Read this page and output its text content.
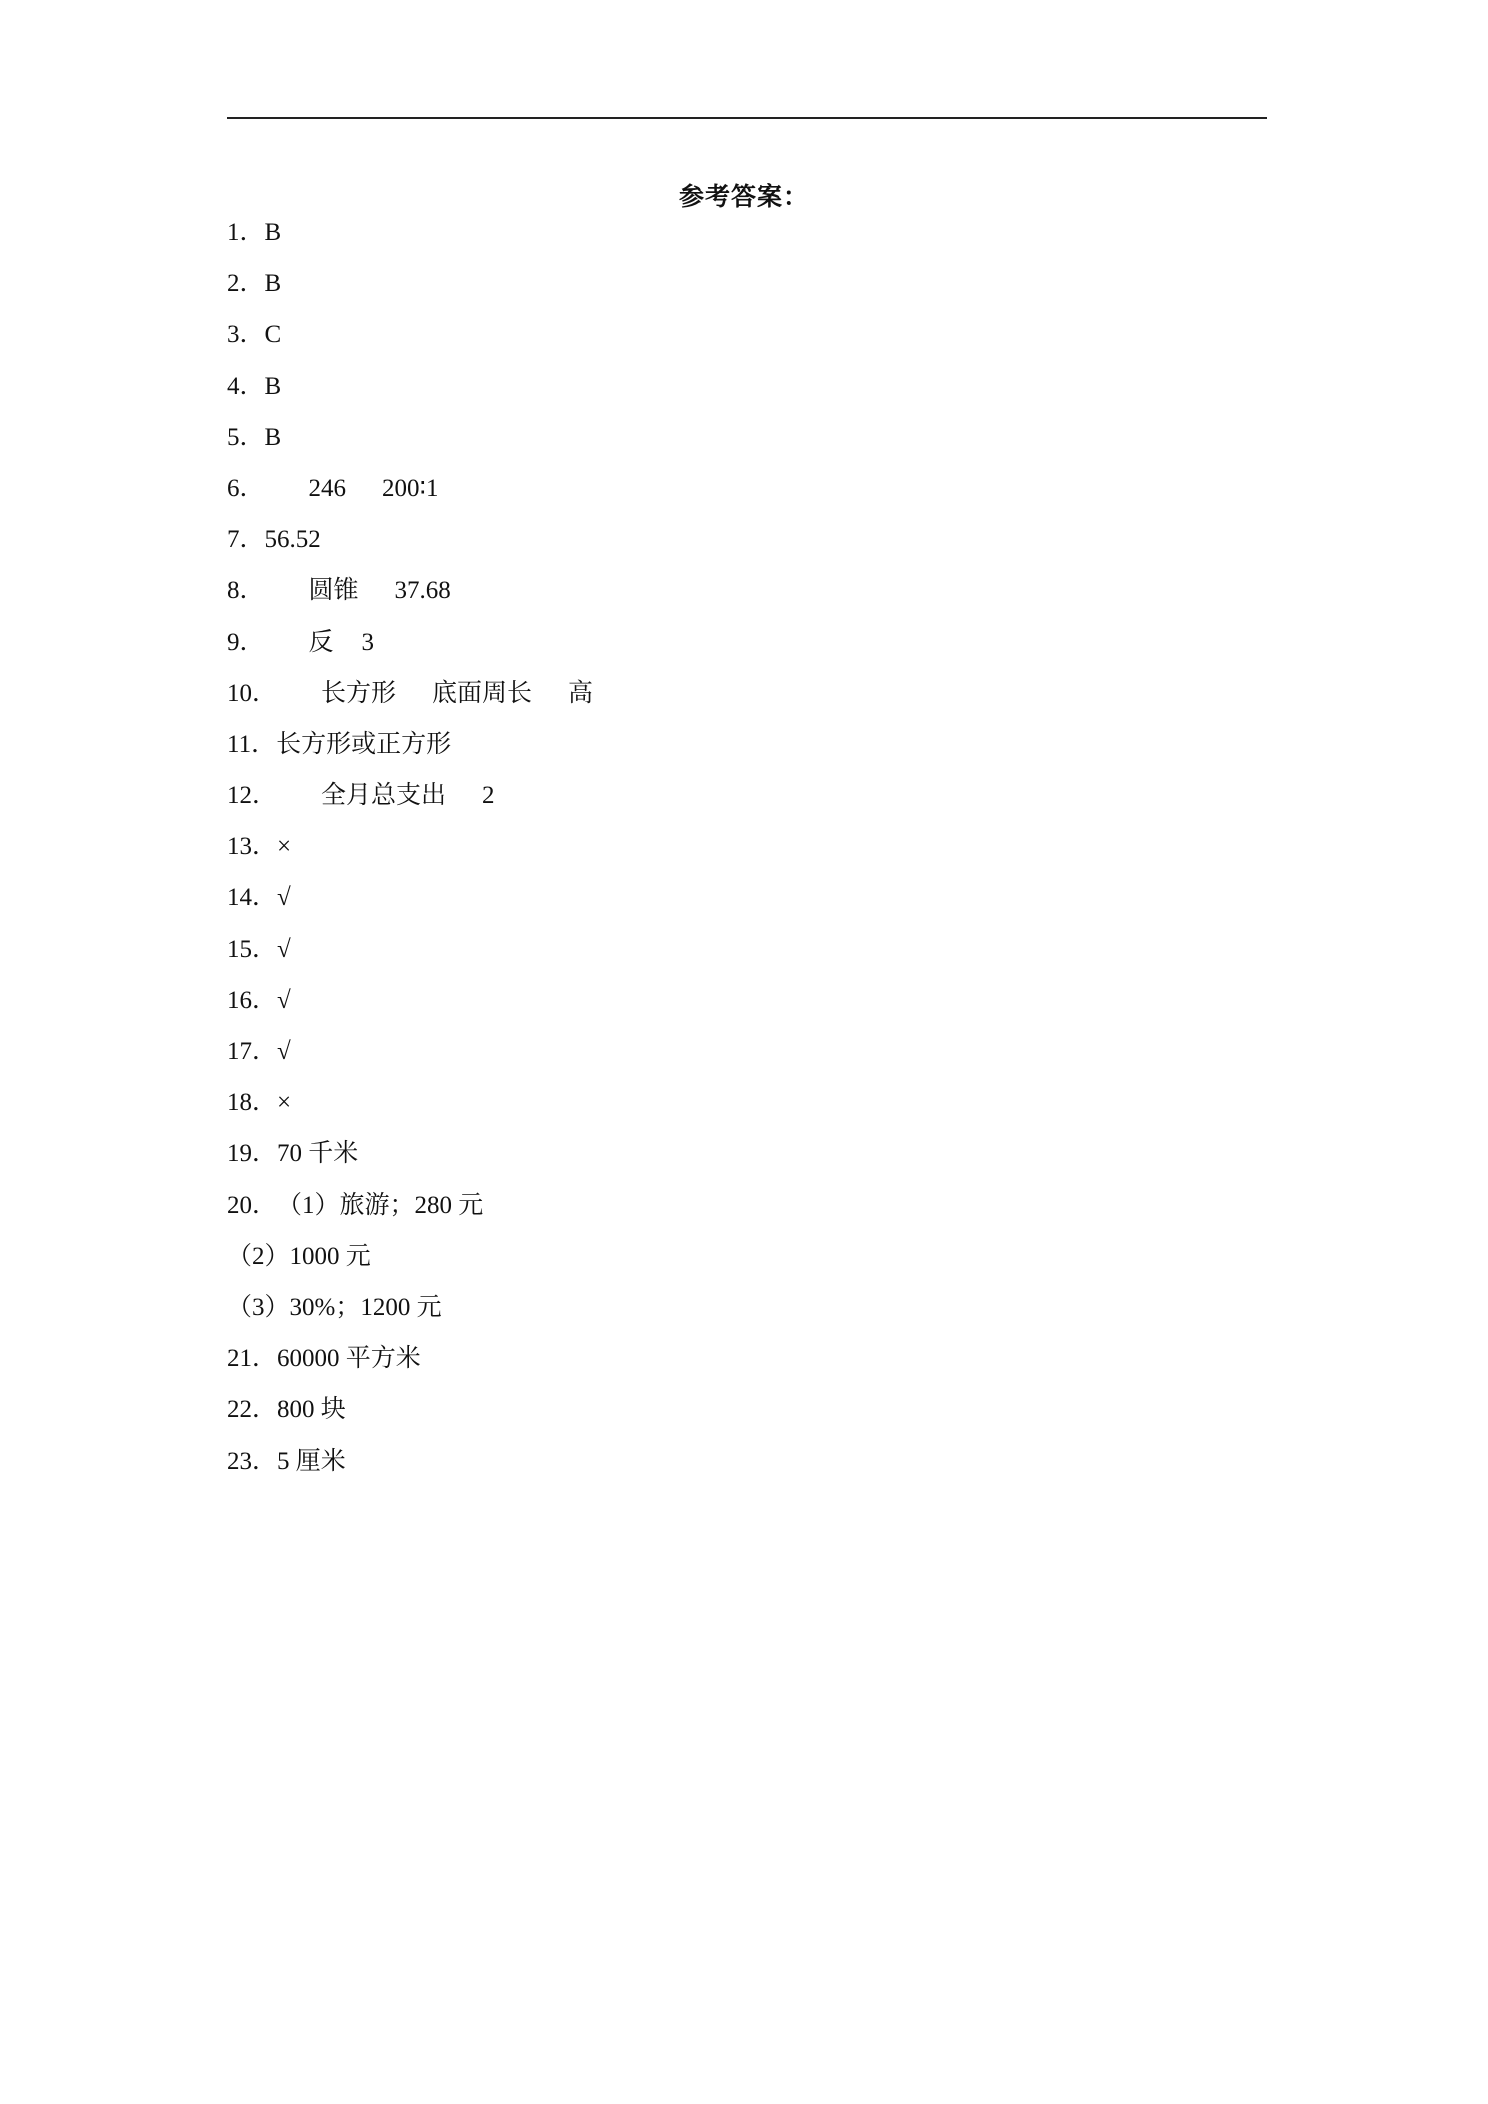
参考答案：
1．B
2．B
3．C
4．B
5．B
6． 246 200∶1
7．56.52
8． 圆锥 37.68
9． 反 3
10． 长方形 底面周长 高
11．长方形或正方形
12． 全月总支出 2
13．×
14．√
15．√
16．√
17．√
18．×
19．70 千米
20．（1）旅游；280 元
（2）1000 元
（3）30%；1200 元
21．60000 平方米
22．800 块
23．5 厘米
